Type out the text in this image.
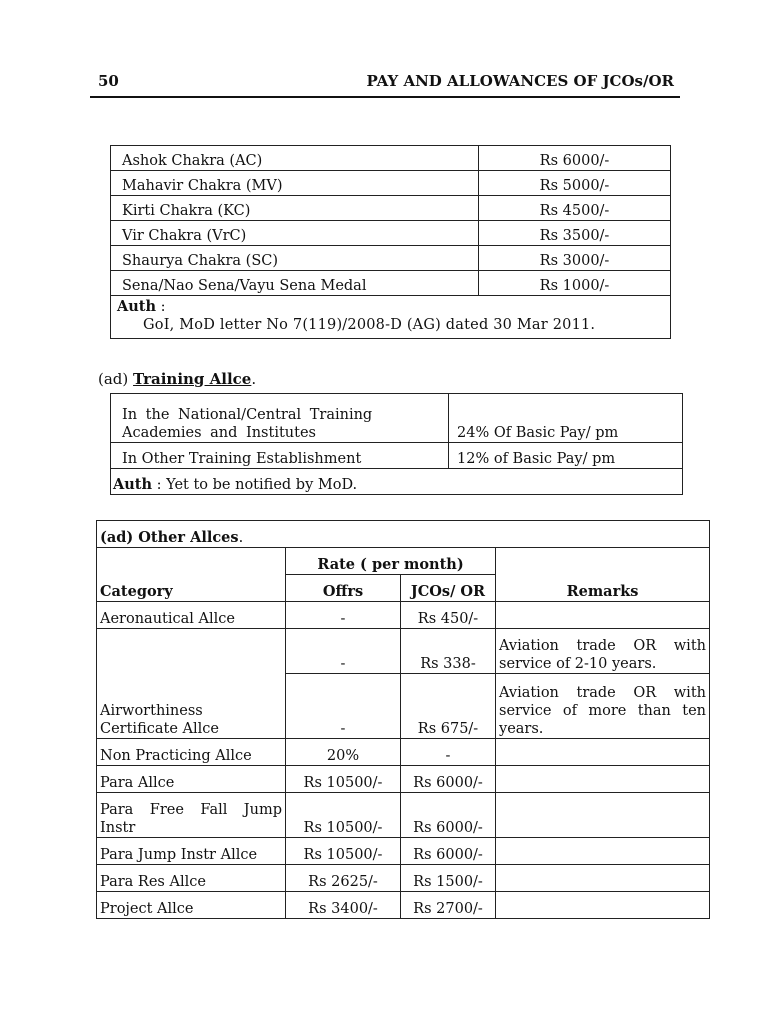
50	PAY AND ALLOWANCES OF JCOs/OR
Ashok Chakra (AC)	Rs 6000/-
Mahavir Chakra (MV)	Rs 5000/-
Kirti Chakra (KC)	Rs 4500/-
Vir Chakra (VrC)	Rs 3500/-
Shaurya Chakra (SC)	Rs 3000/-
Sena/Nao Sena/Vayu Sena Medal	Rs 1000/-

Auth :
GoI, MoD letter No 7(119)/2008-D (AG) dated 30 Mar 2011.	
(ad) Training Allce.
In the National/Central Training Academies and Institutes	24% Of Basic Pay/ pm
In Other Training Establishment	12% of Basic Pay/ pm
Auth : Yet to be notified by MoD.	
(ad) Other Allces.			
Category	Rate ( per month)		Remarks
	Offrs	JCOs/ OR	
Aeronautical Allce	-	Rs 450/-	
Airworthiness Certificate Allce	-	Rs 338-	Aviation trade OR with service of 2-10 years.
	-	Rs 675/-	Aviation trade OR with service of more than ten years.
Non Practicing Allce	20%	-	
Para Allce	Rs 10500/-	Rs 6000/-	
Para Free Fall Jump Instr	Rs 10500/-	Rs 6000/-	
Para Jump Instr Allce	Rs 10500/-	Rs 6000/-	
Para Res Allce	Rs 2625/-	Rs 1500/-	
Project Allce	Rs 3400/-	Rs 2700/-	
